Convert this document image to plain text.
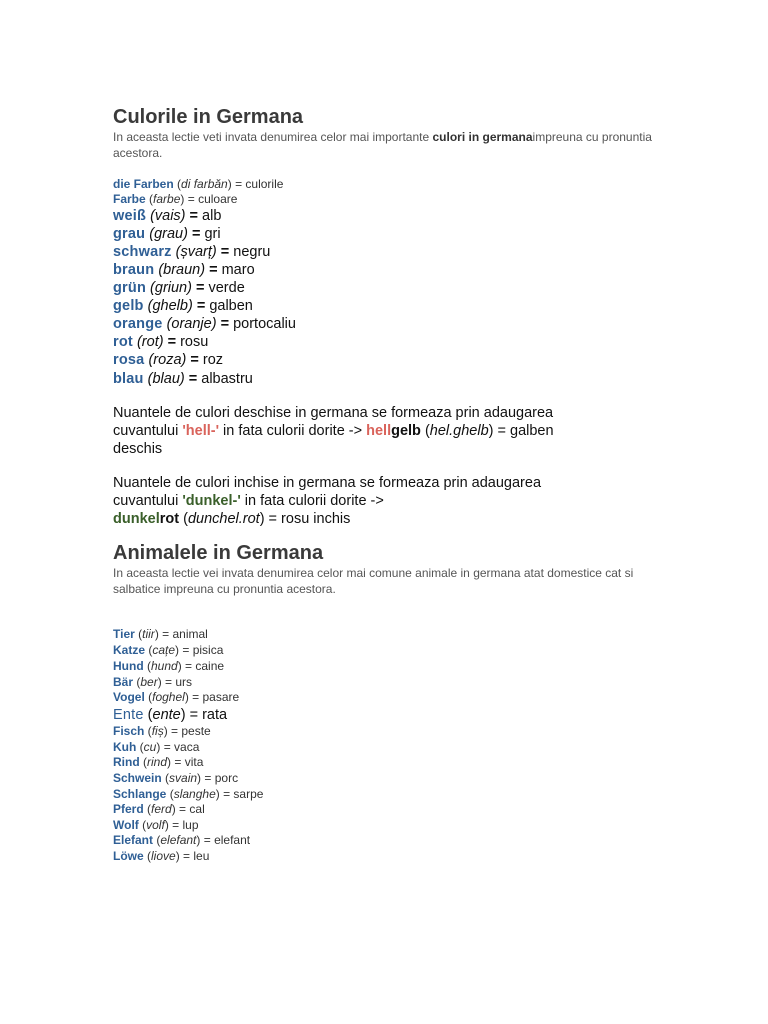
Culorile in Germana
In aceasta lectie veti invata denumirea celor mai importante culori in germanaimpreuna cu pronuntia acestora.
die Farben (di farbăn) = culorile
Farbe (farbe) = culoare
weiß (vais) = alb
grau (grau) = gri
schwarz (șvarț) = negru
braun (braun) = maro
grün (griun) = verde
gelb (ghelb) = galben
orange (oranje) = portocaliu
rot (rot) = rosu
rosa (roza) = roz
blau (blau) = albastru
Nuantele de culori deschise in germana se formeaza prin adaugarea
cuvantului 'hell-' in fata culorii dorite -> hellgelb (hel.ghelb) = galben
deschis
Nuantele de culori inchise in germana se formeaza prin adaugarea
cuvantului 'dunkel-' in fata culorii dorite ->
dunkelrot (dunchel.rot) = rosu inchis
Animalele in Germana
In aceasta lectie vei invata denumirea celor mai comune animale in germana atat domestice cat si salbatice impreuna cu pronuntia acestora.
Tier (tiir) = animal
Katze (cațe) = pisica
Hund (hund) = caine
Bär (ber) = urs
Vogel (foghel) = pasare
Ente (ente) = rata
Fisch (fiș) = peste
Kuh (cu) = vaca
Rind (rind) = vita
Schwein (svain) = porc
Schlange (slanghe) = sarpe
Pferd (ferd) = cal
Wolf (volf) = lup
Elefant (elefant) = elefant
Löwe (liove) = leu
